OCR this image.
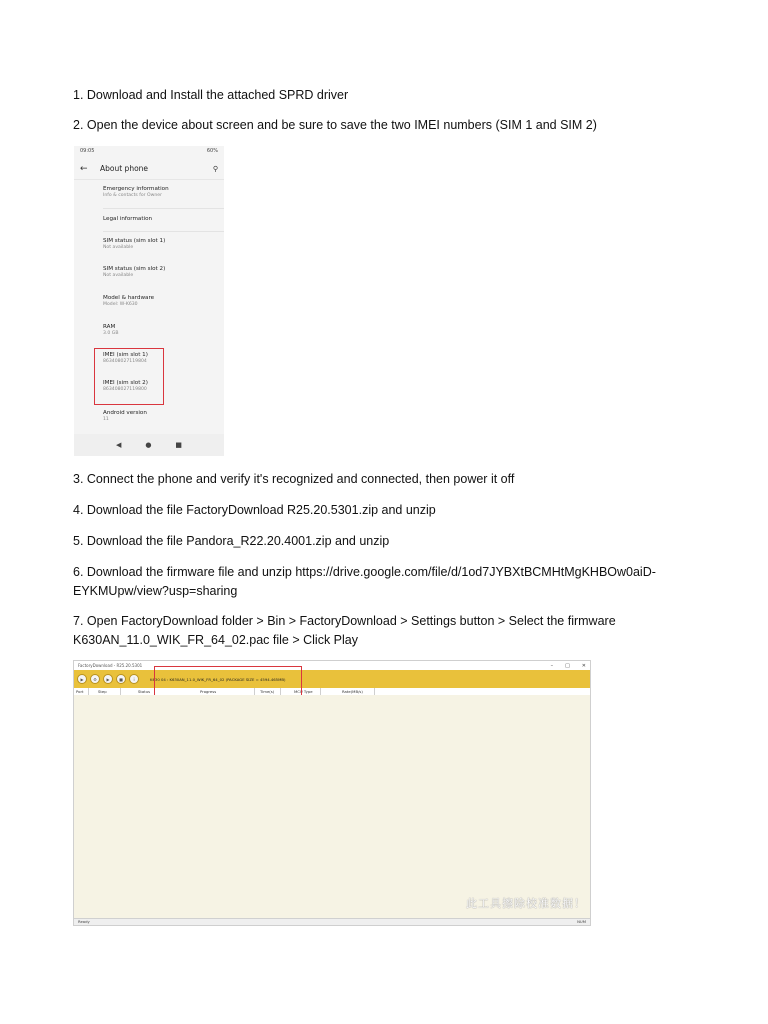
1. Download and Install the attached SPRD driver
2. Open the device about screen and be sure to save the two IMEI numbers (SIM 1 and SIM 2)
09:05	60%
←	About phone	⚲
Emergency information
Info & contacts for Owner
Legal information
SIM status (sim slot 1)
Not available
SIM status (sim slot 2)
Not available
Model & hardware
Model: W-K630
RAM
3.0 GB
IMEI (sim slot 1)
863408027119804
IMEI (sim slot 2)
863408027119800
Android version
11
◀	●	■
3. Connect the phone and verify it's recognized and connected, then power it off
4. Download the file FactoryDownload R25.20.5301.zip and unzip
5. Download the file Pandora_R22.20.4001.zip and unzip
6. Download the firmware file and unzip https://drive.google.com/file/d/1od7JYBXtBCMHtMgKHBOw0aiD-EYKMUpw/view?usp=sharing
7. Open FactoryDownload folder > Bin > FactoryDownload > Settings button > Select the firmware K630AN_11.0_WIK_FR_64_02.pac file > Click Play
FactoryDownload - R25.20.5301	– □ ✕
▶	⚙	▶	■	i	K630 04 : K630AN_11.0_WIK_FR_64_02 (PACKAGE SIZE = 4594.465MB)
Port	Step	Status	Progress	Time(s)	MCU Type	Rate(MB/s)
此工具擦除校准数据！
Ready	NUM
